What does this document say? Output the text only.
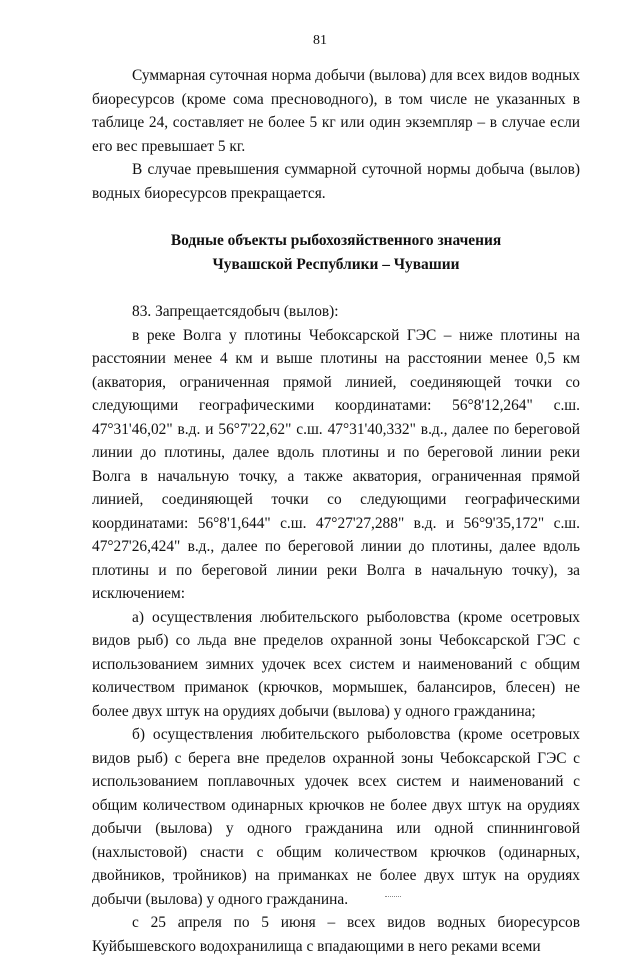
81

Суммарная суточная норма добычи (вылова) для всех видов водных биоресурсов (кроме сома пресноводного), в том числе не указанных в таблице 24, составляет не более 5 кг или один экземпляр – в случае если его вес превышает 5 кг.

В случае превышения суммарной суточной нормы добыча (вылов) водных биоресурсов прекращается.

Водные объекты рыбохозяйственного значения
Чувашской Республики – Чувашии

83. Запрещаетсядобыч (вылов):

в реке Волга у плотины Чебоксарской ГЭС – ниже плотины на расстоянии менее 4 км и выше плотины на расстоянии менее 0,5 км (акватория, ограниченная прямой линией, соединяющей точки со следующими географическими координатами: 56°8'12,264" с.ш. 47°31'46,02" в.д. и 56°7'22,62" с.ш. 47°31'40,332" в.д., далее по береговой линии до плотины, далее вдоль плотины и по береговой линии реки Волга в начальную точку, а также акватория, ограниченная прямой линией, соединяющей точки со следующими географическими координатами: 56°8'1,644" с.ш. 47°27'27,288" в.д. и 56°9'35,172" с.ш. 47°27'26,424" в.д., далее по береговой линии до плотины, далее вдоль плотины и по береговой линии реки Волга в начальную точку), за исключением:

а) осуществления любительского рыболовства (кроме осетровых видов рыб) со льда вне пределов охранной зоны Чебоксарской ГЭС с использованием зимних удочек всех систем и наименований с общим количеством приманок (крючков, мормышек, балансиров, блесен) не более двух штук на орудиях добычи (вылова) у одного гражданина;

б) осуществления любительского рыболовства (кроме осетровых видов рыб) с берега вне пределов охранной зоны Чебоксарской ГЭС с использованием поплавочных удочек всех систем и наименований с общим количеством одинарных крючков не более двух штук на орудиях добычи (вылова) у одного гражданина или одной спиннинговой (нахлыстовой) снасти с общим количеством крючков (одинарных, двойников, тройников) на приманках не более двух штук на орудиях добычи (вылова) у одного гражданина.

с 25 апреля по 5 июня – всех видов водных биоресурсов Куйбышевского водохранилища с впадающими в него реками всеми
